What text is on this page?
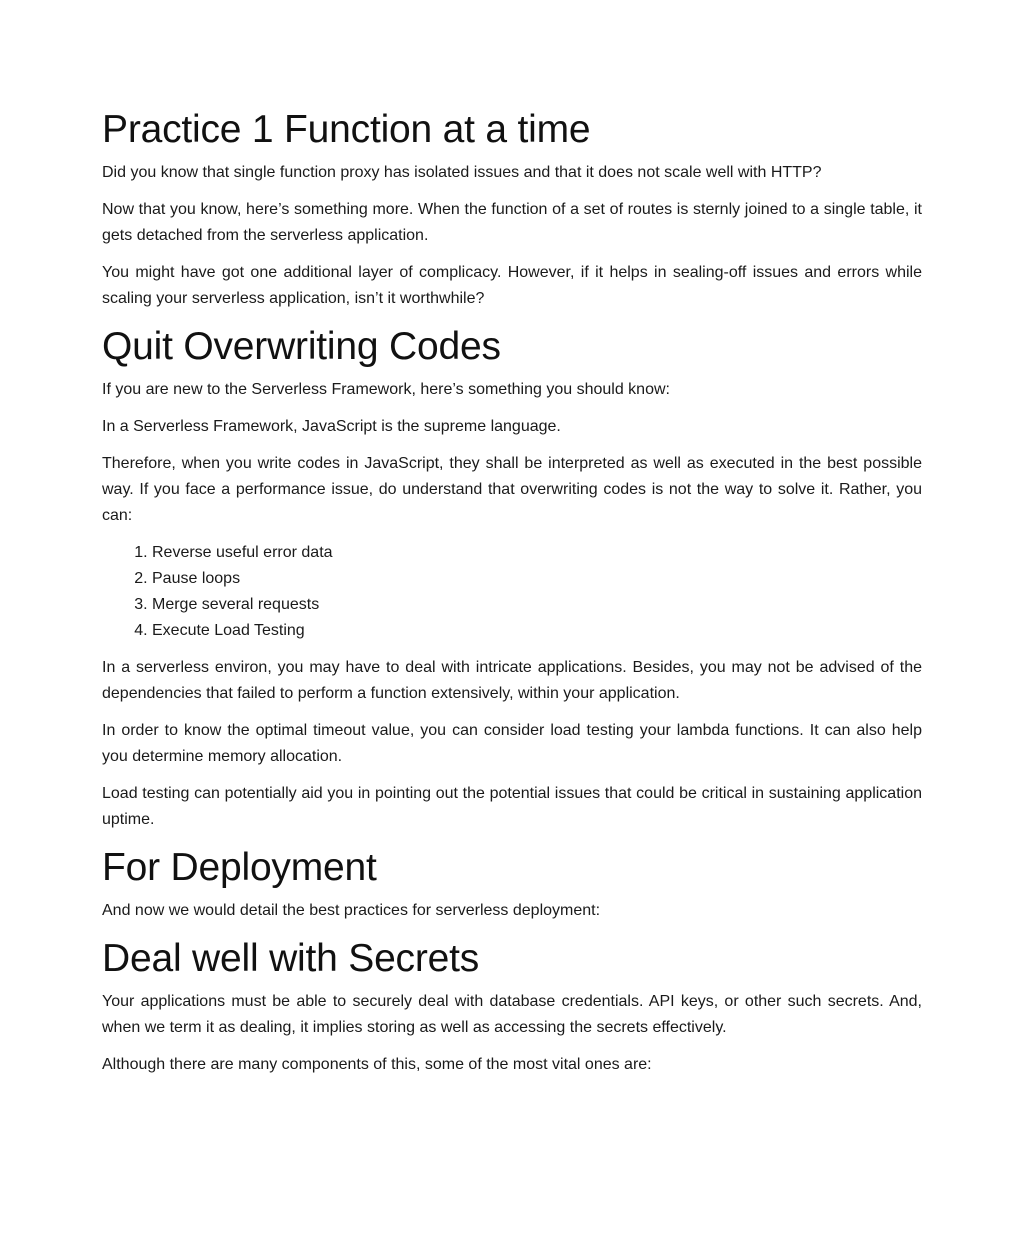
Practice 1 Function at a time

Did you know that single function proxy has isolated issues and that it does not scale well with HTTP?

Now that you know, here’s something more. When the function of a set of routes is sternly joined to a single table, it gets detached from the serverless application.

You might have got one additional layer of complicacy. However, if it helps in sealing-off issues and errors while scaling your serverless application, isn’t it worthwhile?

Quit Overwriting Codes

If you are new to the Serverless Framework, here’s something you should know:

In a Serverless Framework, JavaScript is the supreme language.

Therefore, when you write codes in JavaScript, they shall be interpreted as well as executed in the best possible way. If you face a performance issue, do understand that overwriting codes is not the way to solve it. Rather, you can:

1. Reverse useful error data
2. Pause loops
3. Merge several requests
4. Execute Load Testing

In a serverless environ, you may have to deal with intricate applications. Besides, you may not be advised of the dependencies that failed to perform a function extensively, within your application.

In order to know the optimal timeout value, you can consider load testing your lambda functions. It can also help you determine memory allocation.

Load testing can potentially aid you in pointing out the potential issues that could be critical in sustaining application uptime.

For Deployment

And now we would detail the best practices for serverless deployment:

Deal well with Secrets

Your applications must be able to securely deal with database credentials. API keys, or other such secrets. And, when we term it as dealing, it implies storing as well as accessing the secrets effectively.

Although there are many components of this, some of the most vital ones are:
